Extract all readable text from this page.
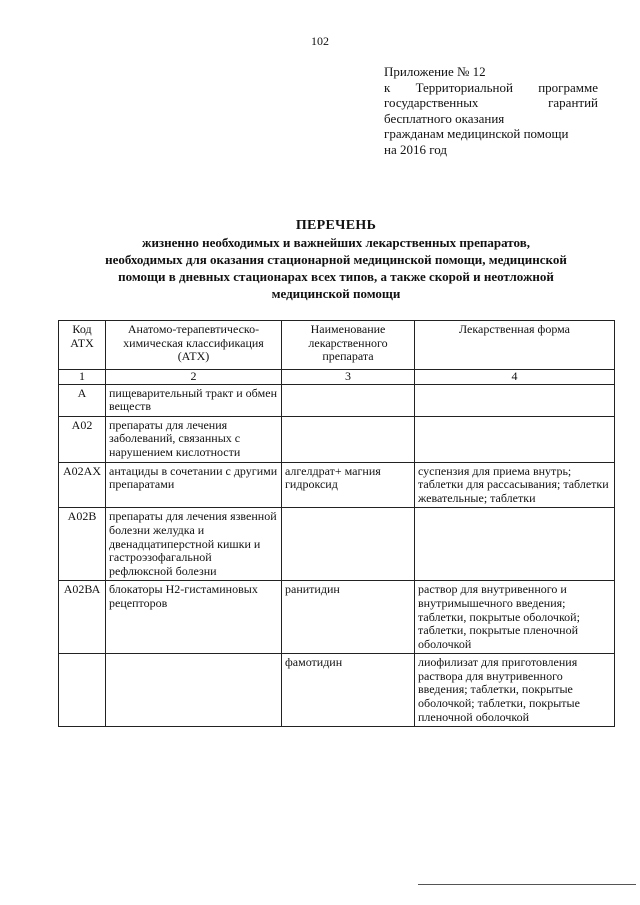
102
Приложение № 12
к Территориальной программе
государственных гарантий
бесплатного оказания
гражданам медицинской помощи
на 2016 год
ПЕРЕЧЕНЬ
жизненно необходимых и важнейших лекарственных препаратов,
необходимых для оказания стационарной медицинской помощи, медицинской
помощи в дневных стационарах всех типов, а также скорой и неотложной
медицинской помощи
Код АТХ	Анатомо-терапевтическо-химическая классификация (АТХ)	Наименование лекарственного препарата	Лекарственная форма
1	2	3	4
А	пищеварительный тракт и обмен веществ		
А02	препараты для лечения заболеваний, связанных с нарушением кислотности		
А02АХ	антациды в сочетании с другими препаратами	алгелдрат+ магния гидроксид	суспензия для приема внутрь; таблетки для рассасывания; таблетки жевательные; таблетки
А02В	препараты для лечения язвенной болезни желудка и двенадцатиперстной кишки и гастроэзофагальной рефлюксной болезни		
А02ВА	блокаторы Н2-гистаминовых рецепторов	ранитидин	раствор для внутривенного и внутримышечного введения; таблетки, покрытые оболочкой; таблетки, покрытые пленочной оболочкой
		фамотидин	лиофилизат для приготовления раствора для внутривенного введения; таблетки, покрытые оболочкой; таблетки, покрытые пленочной оболочкой
